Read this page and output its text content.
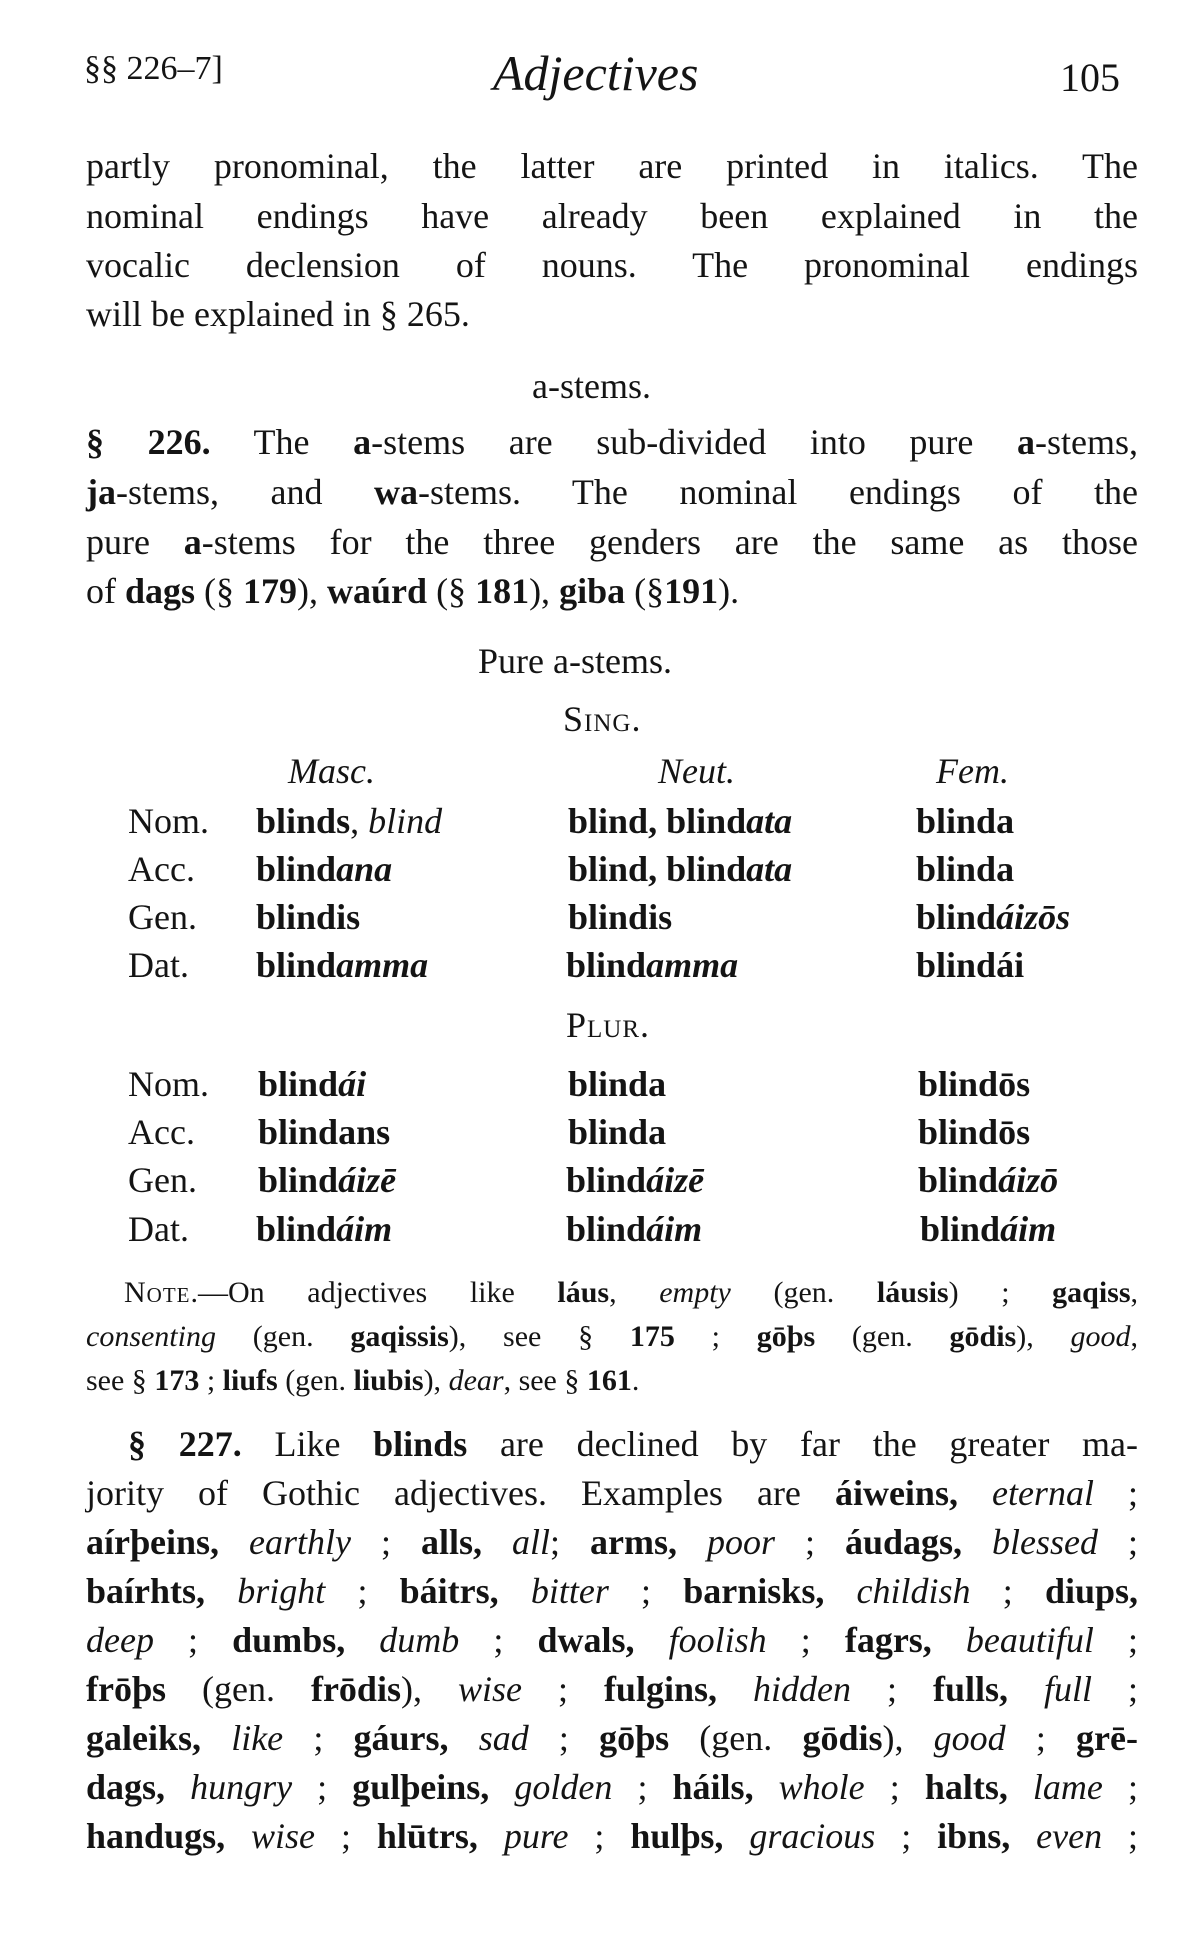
§§ 226–7]	Adjectives	105
partly pronominal, the latter are printed in italics. The
nominal endings have already been explained in the
vocalic declension of nouns. The pronominal endings
will be explained in § 265.
a-stems.
§ 226. The a-stems are sub-divided into pure a-stems,
ja-stems, and wa-stems. The nominal endings of the
pure a-stems for the three genders are the same as those
of dags (§ 179), waúrd (§ 181), giba (§191).
Pure a-stems.
Sing.
Masc.	Neut.	Fem.
Nom. blinds, blind	blind, blindata	blinda
Acc. blindana	blind, blindata	blinda
Gen. blindis	blindis	blindáizōs
Dat. blindamma	blindamma	blindái
Plur.
Nom. blindái	blinda	blindōs
Acc. blindans	blinda	blindōs
Gen. blindáizē	blindáizē	blindáizō
Dat. blindáim	blindáim	blindáim
Note.—On adjectives like láus, empty (gen. láusis) ; gaqiss,
consenting (gen. gaqissis), see § 175 ; gōþs (gen. gōdis), good,
see § 173 ; liufs (gen. liubis), dear, see § 161.
§ 227. Like blinds are declined by far the greater ma-
jority of Gothic adjectives. Examples are áiweins, eternal ;
aírþeins, earthly ; alls, all; arms, poor ; áudags, blessed ;
baírhts, bright ; báitrs, bitter ; barnisks, childish ; diups,
deep ; dumbs, dumb ; dwals, foolish ; fagrs, beautiful ;
frōþs (gen. frōdis), wise ; fulgins, hidden ; fulls, full ;
galeiks, like ; gáurs, sad ; gōþs (gen. gōdis), good ; grē-
dags, hungry ; gulþeins, golden ; háils, whole ; halts, lame ;
handugs, wise ; hlūtrs, pure ; hulþs, gracious ; ibns, even ;
